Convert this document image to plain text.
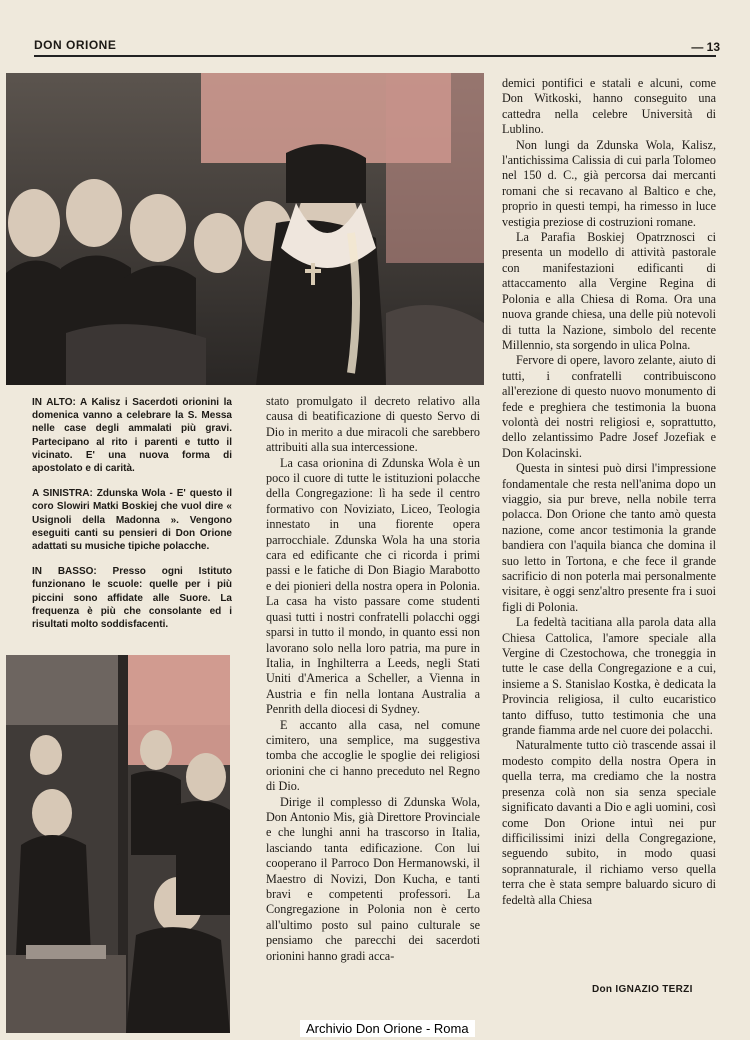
DON ORIONE	— 13

IN ALTO: A Kalisz i Sacerdoti orionini la domenica vanno a celebrare la S. Messa nelle case degli ammalati più gravi. Partecipano al rito i parenti e tutto il vicinato. E' una nuova forma di apostolato e di carità.

A SINISTRA: Zdunska Wola - E' questo il coro Slowiri Matki Boskiej che vuol dire « Usignoli della Madonna ». Vengono eseguiti canti su pensieri di Don Orione adattati su musiche tipiche polacche.

IN BASSO: Presso ogni Istituto funzionano le scuole: quelle per i più piccini sono affidate alle Suore. La frequenza è più che consolante ed i risultati molto soddisfacenti.

stato promulgato il decreto relativo alla causa di beatificazione di questo Servo di Dio in merito a due miracoli che sarebbero attribuiti alla sua intercessione.

La casa orionina di Zdunska Wola è un poco il cuore di tutte le istituzioni polacche della Congregazione: lì ha sede il centro formativo con Noviziato, Liceo, Teologia innestato in una fiorente opera parrocchiale. Zdunska Wola ha una storia cara ed edificante che ci ricorda i primi passi e le fatiche di Don Biagio Marabotto e dei pionieri della nostra opera in Polonia. La casa ha visto passare come studenti quasi tutti i nostri confratelli polacchi oggi sparsi in tutto il mondo, in quanto essi non lavorano solo nella loro patria, ma pure in Italia, in Inghilterra a Leeds, negli Stati Uniti d'America a Scheller, a Vienna in Austria e fin nella lontana Australia a Penrith della diocesi di Sydney.

E accanto alla casa, nel comune cimitero, una semplice, ma suggestiva tomba che accoglie le spoglie dei religiosi orionini che ci hanno preceduto nel Regno di Dio.

Dirige il complesso di Zdunska Wola, Don Antonio Mis, già Direttore Provinciale e che lunghi anni ha trascorso in Italia, lasciando tanta edificazione. Con lui cooperano il Parroco Don Hermanowski, il Maestro di Novizi, Don Kucha, e tanti bravi e competenti professori. La Congregazione in Polonia non è certo all'ultimo posto sul paino culturale se pensiamo che parecchi dei sacerdoti orionini hanno gradi acca-

demici pontifici e statali e alcuni, come Don Witkoski, hanno conseguito una cattedra nella celebre Università di Lublino.

Non lungi da Zdunska Wola, Kalisz, l'antichissima Calissia di cui parla Tolomeo nel 150 d. C., già percorsa dai mercanti romani che si recavano al Baltico e che, proprio in questi tempi, ha rimesso in luce vestigia preziose di costruzioni romane.

La Parafia Boskiej Opatrznosci ci presenta un modello di attività pastorale con manifestazioni edificanti di attaccamento alla Vergine Regina di Polonia e alla Chiesa di Roma. Ora una nuova grande chiesa, una delle più notevoli di tutta la Nazione, simbolo del recente Millennio, sta sorgendo in ulica Polna.

Fervore di opere, lavoro zelante, aiuto di tutti, i confratelli contribuiscono all'erezione di questo nuovo monumento di fede e preghiera che testimonia la buona volontà dei nostri religiosi e, soprattutto, dello zelantissimo Padre Josef Jozefiak e Don Kolacinski.

Questa in sintesi può dirsi l'impressione fondamentale che resta nell'anima dopo un viaggio, sia pur breve, nella nobile terra polacca. Don Orione che tanto amò questa nazione, come ancor testimonia la grande bandiera con l'aquila bianca che domina il suo letto in Tortona, e che fece il grande sacrificio di non poterla mai personalmente visitare, è oggi senz'altro presente fra i suoi figli di Polonia.

La fedeltà tacitiana alla parola data alla Chiesa Cattolica, l'amore speciale alla Vergine di Czestochowa, che troneggia in tutte le case della Congregazione e a cui, insieme a S. Stanislao Kostka, è dedicata la Provincia religiosa, il culto eucaristico tanto diffuso, tutto testimonia che una grande fiamma arde nel cuore dei polacchi.

Naturalmente tutto ciò trascende assai il modesto compito della nostra Opera in quella terra, ma crediamo che la nostra presenza colà non sia senza speciale significato davanti a Dio e agli uomini, così come Don Orione intuì nei pur difficilissimi inizi della Congregazione, seguendo subito, in modo quasi soprannaturale, il richiamo verso quella terra che è stata sempre baluardo sicuro di fedeltà alla Chiesa

Don IGNAZIO TERZI
Archivio Don Orione - Roma
